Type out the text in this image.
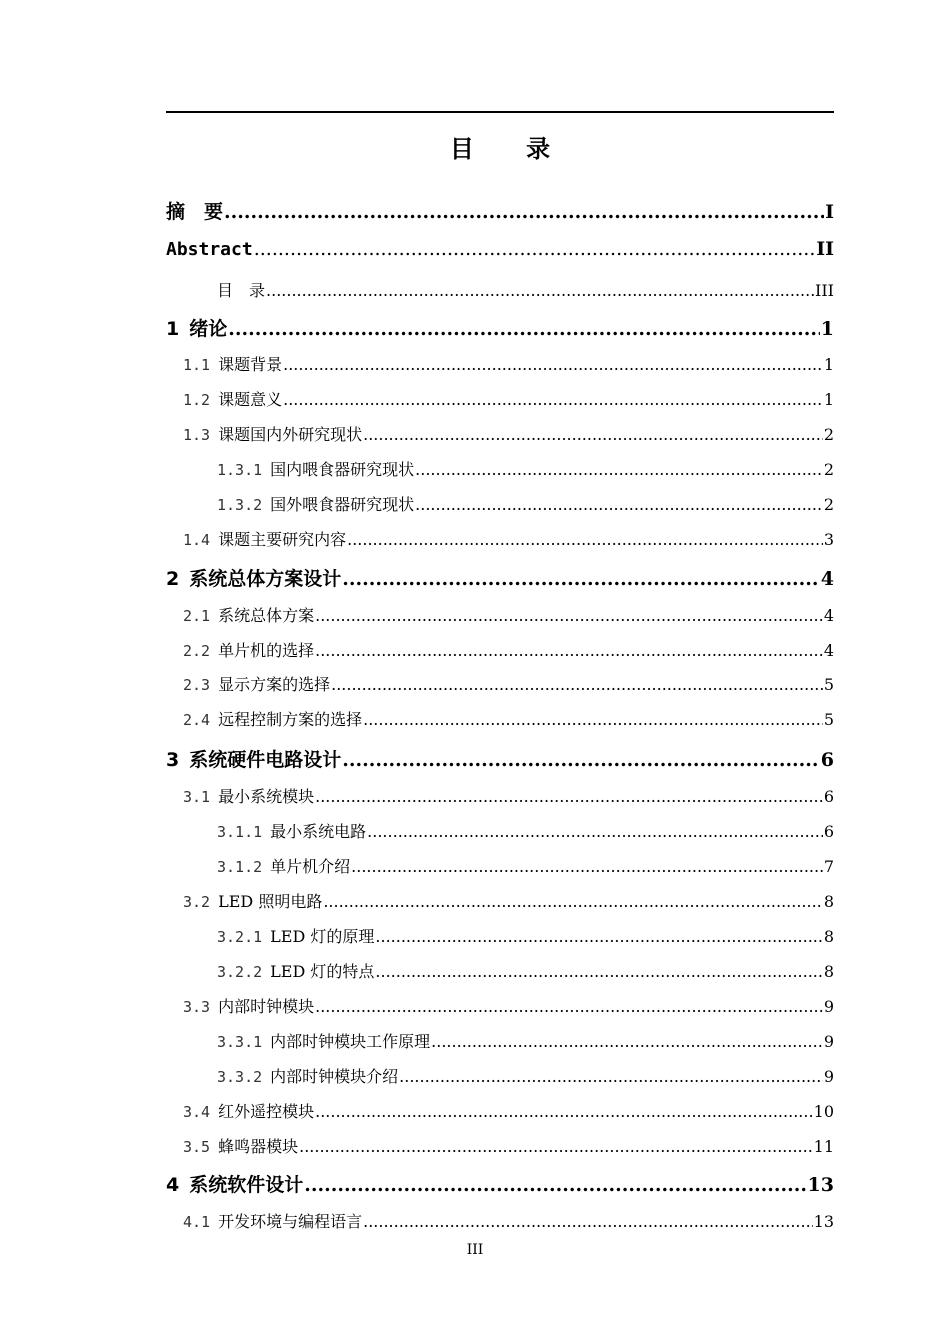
目 录
摘　要 .....	I
Abstract .....	II
目　录 .....	III
1 绪论 .....	1
1.1 课题背景 .....	1
1.2 课题意义 .....	1
1.3 课题国内外研究现状 .....	2
1.3.1 国内喂食器研究现状 .....	2
1.3.2 国外喂食器研究现状 .....	2
1.4 课题主要研究内容 .....	3
2 系统总体方案设计 .....	4
2.1 系统总体方案 .....	4
2.2 单片机的选择 .....	4
2.3 显示方案的选择 .....	5
2.4 远程控制方案的选择 .....	5
3 系统硬件电路设计 .....	6
3.1 最小系统模块 .....	6
3.1.1 最小系统电路 .....	6
3.1.2 单片机介绍 .....	7
3.2 LED 照明电路 .....	8
3.2.1 LED 灯的原理 .....	8
3.2.2 LED 灯的特点 .....	8
3.3 内部时钟模块 .....	9
3.3.1 内部时钟模块工作原理 .....	9
3.3.2 内部时钟模块介绍 .....	9
3.4 红外遥控模块 .....	10
3.5 蜂鸣器模块 .....	11
4 系统软件设计 .....	13
4.1 开发环境与编程语言 .....	13
III
